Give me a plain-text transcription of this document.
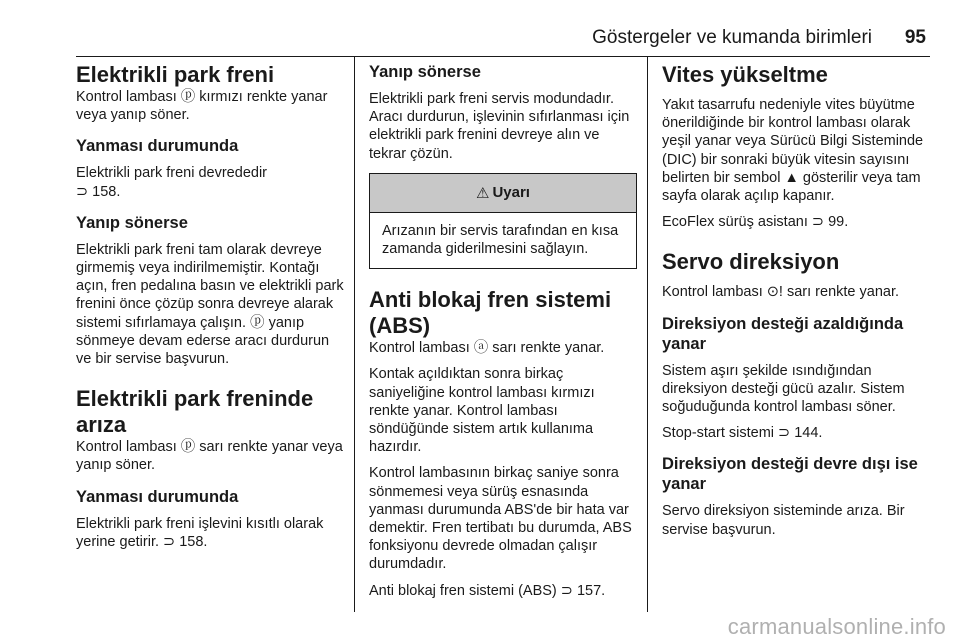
Göstergeler ve kumanda birimleri 95
Elektrikli park freni

Kontrol lambası ⓟ kırmızı renkte yanar veya yanıp söner.

Yanması durumunda

Elektrikli park freni devrededir
⊃ 158.

Yanıp sönerse

Elektrikli park freni tam olarak devreye girmemiş veya indirilmemiştir. Kontağı açın, fren pedalına basın ve elektrikli park frenini önce çözüp sonra devreye alarak sistemi sıfırlamaya çalışın. ⓟ yanıp sönmeye devam ederse aracı durdurun ve bir servise başvurun.

Elektrikli park freninde arıza

Kontrol lambası ⓟ sarı renkte yanar veya yanıp söner.

Yanması durumunda

Elektrikli park freni işlevini kısıtlı olarak yerine getirir. ⊃ 158.

Yanıp sönerse

Elektrikli park freni servis modundadır. Aracı durdurun, işlevinin sıfırlanması için elektrikli park frenini devreye alın ve tekrar çözün.

⚠ Uyarı

Arızanın bir servis tarafından en kısa zamanda giderilmesini sağlayın.

Anti blokaj fren sistemi (ABS)

Kontrol lambası ⓐ sarı renkte yanar.

Kontak açıldıktan sonra birkaç saniyeliğine kontrol lambası kırmızı renkte yanar. Kontrol lambası söndüğünde sistem artık kullanıma hazırdır.

Kontrol lambasının birkaç saniye sonra sönmemesi veya sürüş esnasında yanması durumunda ABS'de bir hata var demektir. Fren tertibatı bu durumda, ABS fonksiyonu devrede olmadan çalışır durumdadır.

Anti blokaj fren sistemi (ABS) ⊃ 157.

Vites yükseltme

Yakıt tasarrufu nedeniyle vites büyütme önerildiğinde bir kontrol lambası olarak yeşil yanar veya Sürücü Bilgi Sisteminde (DIC) bir sonraki büyük vitesin sayısını belirten bir sembol ▲ gösterilir veya tam sayfa olarak açılıp kapanır.

EcoFlex sürüş asistanı ⊃ 99.

Servo direksiyon

Kontrol lambası ⊙! sarı renkte yanar.

Direksiyon desteği azaldığında yanar

Sistem aşırı şekilde ısındığından direksiyon desteği gücü azalır. Sistem soğuduğunda kontrol lambası söner.

Stop-start sistemi ⊃ 144.

Direksiyon desteği devre dışı ise yanar

Servo direksiyon sisteminde arıza. Bir servise başvurun.

carmanualsonline.info
